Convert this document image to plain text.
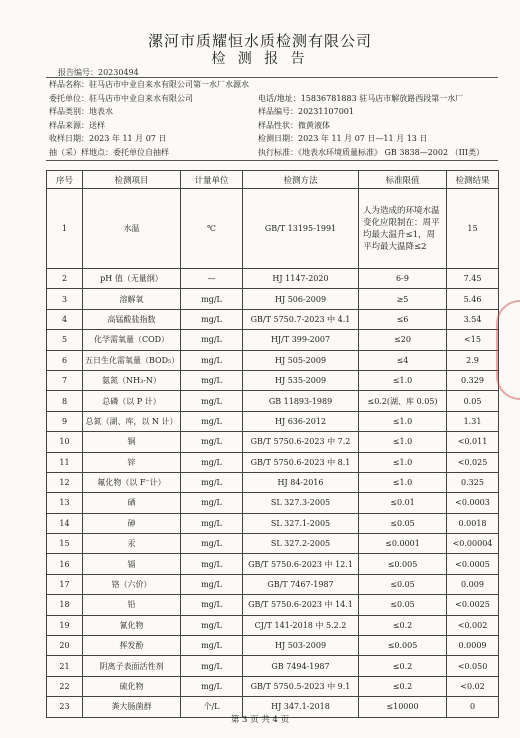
漯河市质耀恒水质检测有限公司
检 测 报 告
报告编号：20230494
样品名称：驻马店市中业自来水有限公司第一水厂水源水
委托单位：驻马店市中业自来水有限公司	电话/地址：15836781883 驻马店市解放路西段第一水厂
样品类别：地表水	样品编号：20231107001
样品来源：送样	样品性状：微黄液体
收样日期：2023 年 11 月 07 日	检测日期：2023 年 11 月 07 日—11 月 13 日
抽（采）样地点：委托单位自抽样	执行标准：《地表水环境质量标准》 GB 3838—2002 （III类）
序号	检测项目	计量单位	检测方法	标准限值	检测结果
1	水温	℃	GB/T 13195-1991	人为造成的环境水温变化应限制在：周平均最大温升≤1，周平均最大温降≤2	15
2	pH 值（无量纲）	—	HJ 1147-2020	6-9	7.45
3	溶解氧	mg/L	HJ 506-2009	≥5	5.46
4	高锰酸盐指数	mg/L	GB/T 5750.7-2023 中 4.1	≤6	3.54
5	化学需氧量（COD）	mg/L	HJ/T 399-2007	≤20	<15
6	五日生化需氧量（BOD₅）	mg/L	HJ 505-2009	≤4	2.9
7	氨氮（NH₃-N）	mg/L	HJ 535-2009	≤1.0	0.329
8	总磷（以 P 计）	mg/L	GB 11893-1989	≤0.2(湖、库 0.05)	0.05
9	总氮（湖、库，以 N 计）	mg/L	HJ 636-2012	≤1.0	1.31
10	铜	mg/L	GB/T 5750.6-2023 中 7.2	≤1.0	<0.011
11	锌	mg/L	GB/T 5750.6-2023 中 8.1	≤1.0	<0.025
12	氟化物（以 F⁻计）	mg/L	HJ 84-2016	≤1.0	0.325
13	硒	mg/L	SL 327.3-2005	≤0.01	<0.0003
14	砷	mg/L	SL 327.1-2005	≤0.05	0.0018
15	汞	mg/L	SL 327.2-2005	≤0.0001	<0.00004
16	镉	mg/L	GB/T 5750.6-2023 中 12.1	≤0.005	<0.0005
17	铬（六价）	mg/L	GB/T 7467-1987	≤0.05	0.009
18	铅	mg/L	GB/T 5750.6-2023 中 14.1	≤0.05	<0.0025
19	氰化物	mg/L	CJ/T 141-2018 中 5.2.2	≤0.2	<0.002
20	挥发酚	mg/L	HJ 503-2009	≤0.005	0.0009
21	阴离子表面活性剂	mg/L	GB 7494-1987	≤0.2	<0.050
22	硫化物	mg/L	GB/T 5750.5-2023 中 9.1	≤0.2	<0.02
23	粪大肠菌群	个/L	HJ 347.1-2018	≤10000	0
第 3 页 共 4 页
